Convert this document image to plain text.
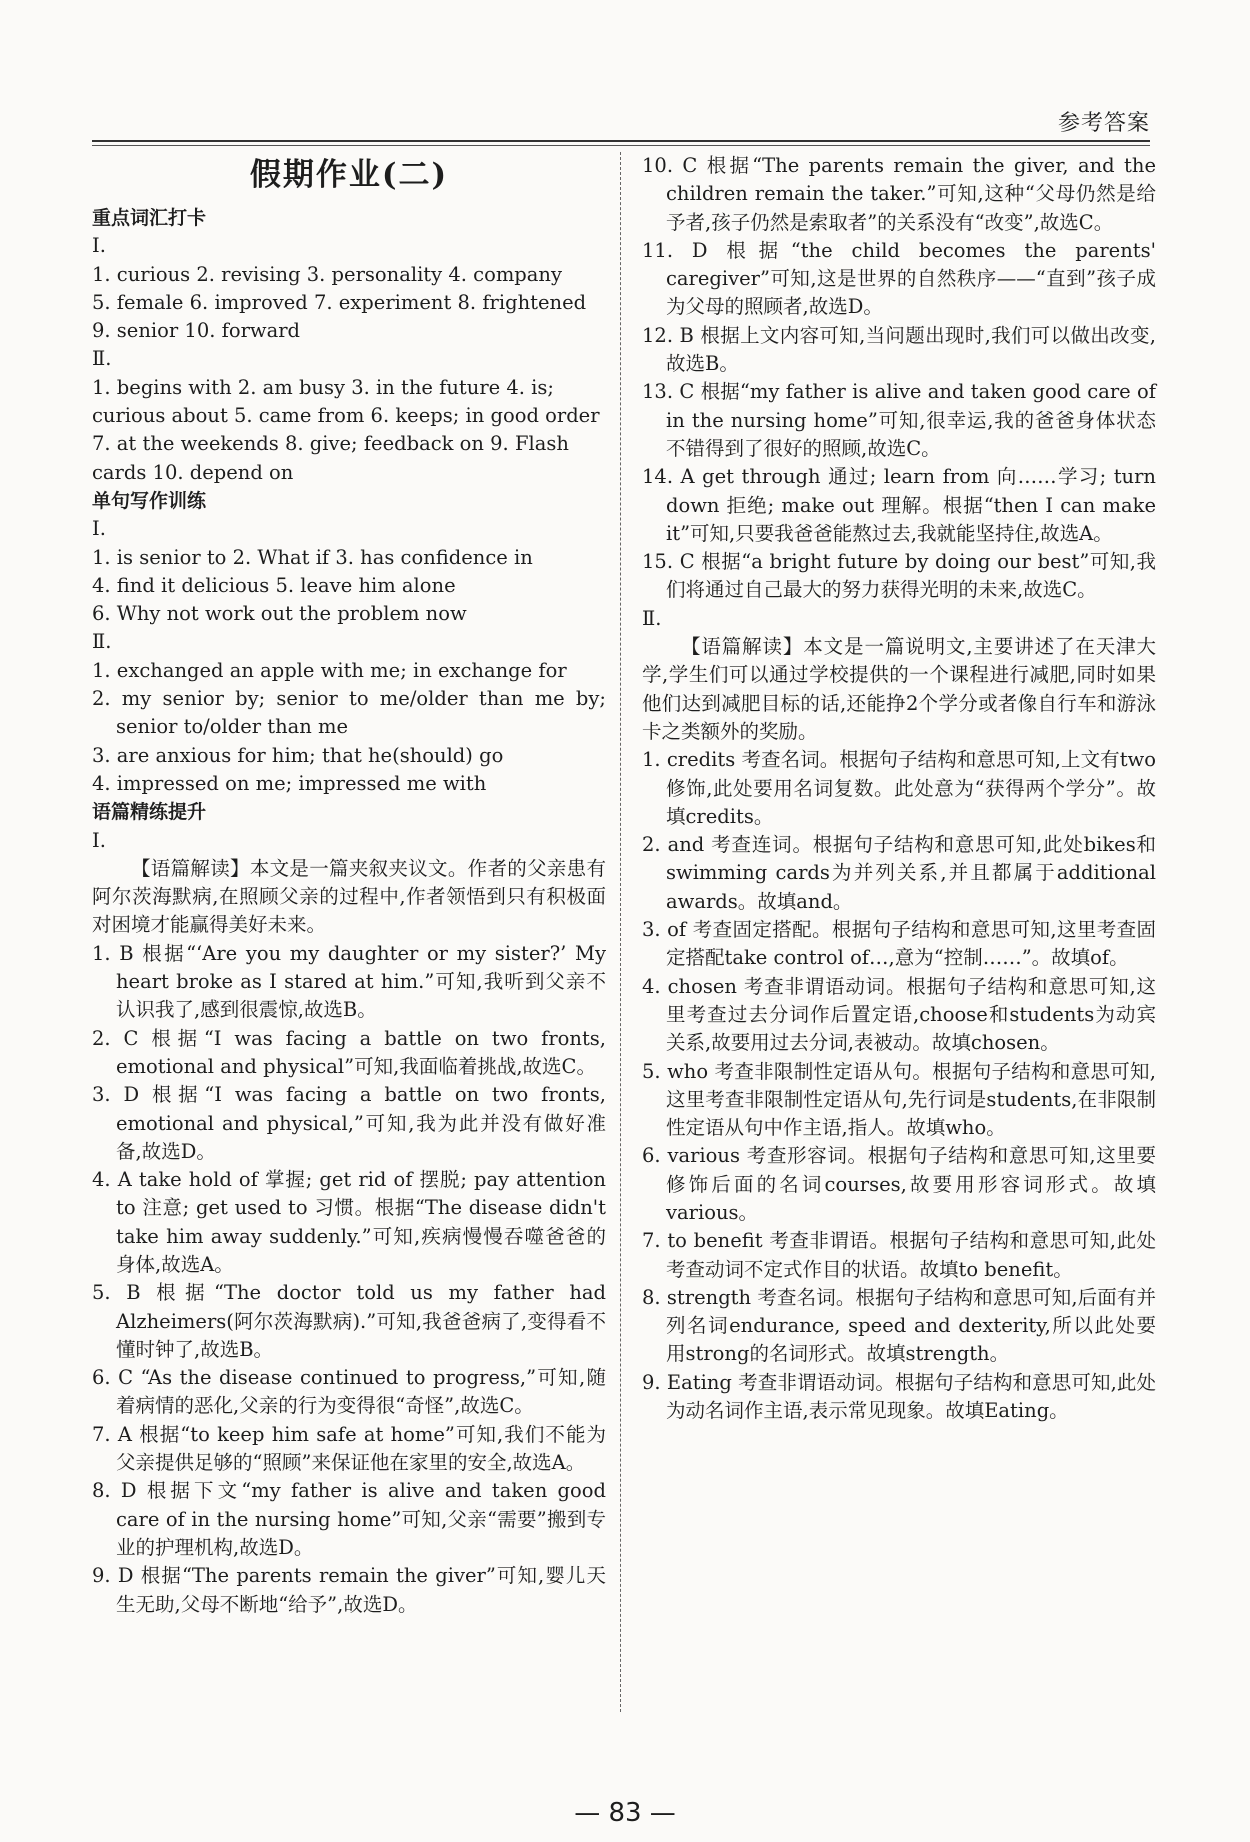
参考答案
假期作业(二)
重点词汇打卡
Ⅰ.
1. curious 2. revising 3. personality 4. company
5. female 6. improved 7. experiment 8. frightened
9. senior 10. forward
Ⅱ.
1. begins with 2. am busy 3. in the future 4. is; curious about 5. came from 6. keeps; in good order 7. at the weekends 8. give; feedback on 9. Flash cards 10. depend on
单句写作训练
Ⅰ.
1. is senior to 2. What if 3. has confidence in
4. find it delicious 5. leave him alone
6. Why not work out the problem now
Ⅱ.
1. exchanged an apple with me; in exchange for
2. my senior by; senior to me/older than me by; senior to/older than me
3. are anxious for him; that he(should) go
4. impressed on me; impressed me with
语篇精练提升
Ⅰ.
【语篇解读】本文是一篇夹叙夹议文。作者的父亲患有阿尔茨海默病,在照顾父亲的过程中,作者领悟到只有积极面对困境才能赢得美好未来。
1. B 根据“‘Are you my daughter or my sister?’ My heart broke as I stared at him.”可知,我听到父亲不认识我了,感到很震惊,故选B。
2. C 根据“I was facing a battle on two fronts, emotional and physical”可知,我面临着挑战,故选C。
3. D 根据“I was facing a battle on two fronts, emotional and physical,”可知,我为此并没有做好准备,故选D。
4. A take hold of 掌握; get rid of 摆脱; pay attention to 注意; get used to 习惯。根据“The disease didn't take him away suddenly.”可知,疾病慢慢吞噬爸爸的身体,故选A。
5. B 根据“The doctor told us my father had Alzheimers(阿尔茨海默病).”可知,我爸爸病了,变得看不懂时钟了,故选B。
6. C “As the disease continued to progress,”可知,随着病情的恶化,父亲的行为变得很“奇怪”,故选C。
7. A 根据“to keep him safe at home”可知,我们不能为父亲提供足够的“照顾”来保证他在家里的安全,故选A。
8. D 根据下文“my father is alive and taken good care of in the nursing home”可知,父亲“需要”搬到专业的护理机构,故选D。
9. D 根据“The parents remain the giver”可知,婴儿天生无助,父母不断地“给予”,故选D。
10. C 根据“The parents remain the giver, and the children remain the taker.”可知,这种“父母仍然是给予者,孩子仍然是索取者”的关系没有“改变”,故选C。
11. D 根据“the child becomes the parents' caregiver”可知,这是世界的自然秩序——“直到”孩子成为父母的照顾者,故选D。
12. B 根据上文内容可知,当问题出现时,我们可以做出改变,故选B。
13. C 根据“my father is alive and taken good care of in the nursing home”可知,很幸运,我的爸爸身体状态不错得到了很好的照顾,故选C。
14. A get through 通过; learn from 向……学习; turn down 拒绝; make out 理解。根据“then I can make it”可知,只要我爸爸能熬过去,我就能坚持住,故选A。
15. C 根据“a bright future by doing our best”可知,我们将通过自己最大的努力获得光明的未来,故选C。
Ⅱ.
【语篇解读】本文是一篇说明文,主要讲述了在天津大学,学生们可以通过学校提供的一个课程进行减肥,同时如果他们达到减肥目标的话,还能挣2个学分或者像自行车和游泳卡之类额外的奖励。
1. credits 考查名词。根据句子结构和意思可知,上文有two修饰,此处要用名词复数。此处意为“获得两个学分”。故填credits。
2. and 考查连词。根据句子结构和意思可知,此处bikes和swimming cards为并列关系,并且都属于additional awards。故填and。
3. of 考查固定搭配。根据句子结构和意思可知,这里考查固定搭配take control of…,意为“控制……”。故填of。
4. chosen 考查非谓语动词。根据句子结构和意思可知,这里考查过去分词作后置定语,choose和students为动宾关系,故要用过去分词,表被动。故填chosen。
5. who 考查非限制性定语从句。根据句子结构和意思可知,这里考查非限制性定语从句,先行词是students,在非限制性定语从句中作主语,指人。故填who。
6. various 考查形容词。根据句子结构和意思可知,这里要修饰后面的名词courses,故要用形容词形式。故填various。
7. to benefit 考查非谓语。根据句子结构和意思可知,此处考查动词不定式作目的状语。故填to benefit。
8. strength 考查名词。根据句子结构和意思可知,后面有并列名词endurance, speed and dexterity,所以此处要用strong的名词形式。故填strength。
9. Eating 考查非谓语动词。根据句子结构和意思可知,此处为动名词作主语,表示常见现象。故填Eating。
— 83 —
